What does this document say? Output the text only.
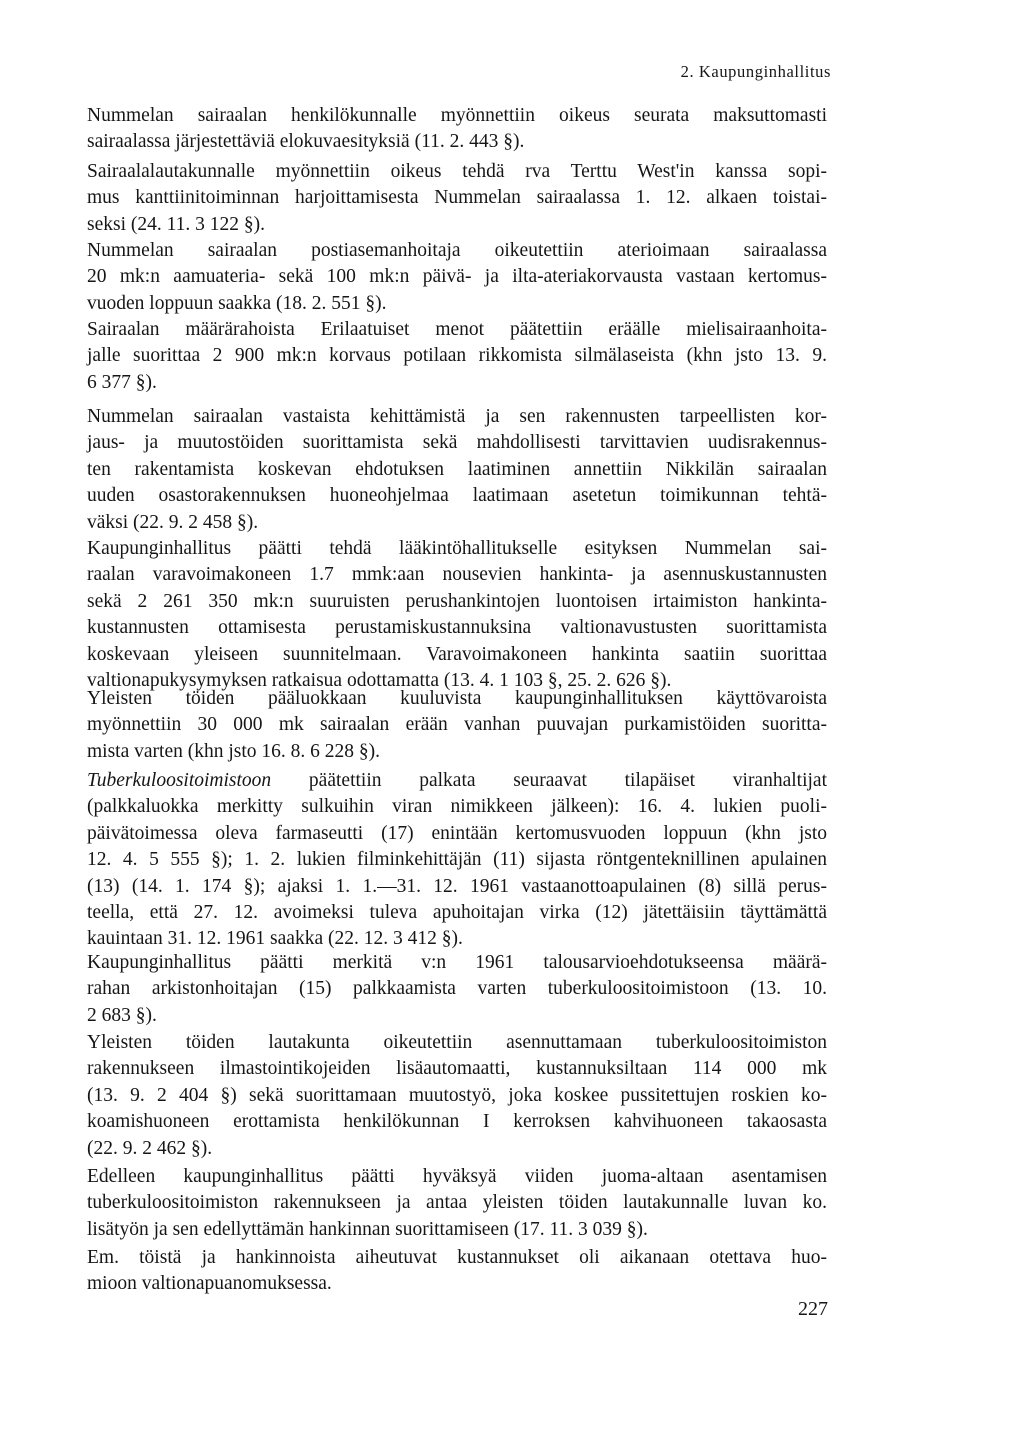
2. Kaupunginhallitus
Nummelan sairaalan henkilökunnalle myönnettiin oikeus seurata maksuttomasti
sairaalassa järjestettäviä elokuvaesityksiä (11. 2. 443 §).
Sairaalalautakunnalle myönnettiin oikeus tehdä rva Terttu West'in kanssa sopi-
mus kanttiinitoiminnan harjoittamisesta Nummelan sairaalassa 1. 12. alkaen toistai-
seksi (24. 11. 3 122 §).
Nummelan sairaalan postiasemanhoitaja oikeutettiin aterioimaan sairaalassa
20 mk:n aamuateria- sekä 100 mk:n päivä- ja ilta-ateriakorvausta vastaan kertomus-
vuoden loppuun saakka (18. 2. 551 §).
Sairaalan määrärahoista Erilaatuiset menot päätettiin eräälle mielisairaanhoita-
jalle suorittaa 2 900 mk:n korvaus potilaan rikkomista silmälaseista (khn jsto 13. 9.
6 377 §).
Nummelan sairaalan vastaista kehittämistä ja sen rakennusten tarpeellisten kor-
jaus- ja muutostöiden suorittamista sekä mahdollisesti tarvittavien uudisrakennus-
ten rakentamista koskevan ehdotuksen laatiminen annettiin Nikkilän sairaalan
uuden osastorakennuksen huoneohjelmaa laatimaan asetetun toimikunnan tehtä-
väksi (22. 9. 2 458 §).
Kaupunginhallitus päätti tehdä lääkintöhallitukselle esityksen Nummelan sai-
raalan varavoimakoneen 1.7 mmk:aan nousevien hankinta- ja asennuskustannusten
sekä 2 261 350 mk:n suuruisten perushankintojen luontoisen irtaimiston hankinta-
kustannusten ottamisesta perustamiskustannuksina valtionavustusten suorittamista
koskevaan yleiseen suunnitelmaan. Varavoimakoneen hankinta saatiin suorittaa
valtionapukysymyksen ratkaisua odottamatta (13. 4. 1 103 §, 25. 2. 626 §).
Yleisten töiden pääluokkaan kuuluvista kaupunginhallituksen käyttövaroista
myönnettiin 30 000 mk sairaalan erään vanhan puuvajan purkamistöiden suoritta-
mista varten (khn jsto 16. 8. 6 228 §).
Tuberkuloositoimistoon päätettiin palkata seuraavat tilapäiset viranhaltijat
(palkkaluokka merkitty sulkuihin viran nimikkeen jälkeen): 16. 4. lukien puoli-
päivätoimessa oleva farmaseutti (17) enintään kertomusvuoden loppuun (khn jsto
12. 4. 5 555 §); 1. 2. lukien filminkehittäjän (11) sijasta röntgenteknillinen apulainen
(13) (14. 1. 174 §); ajaksi 1. 1.—31. 12. 1961 vastaanottoapulainen (8) sillä perus-
teella, että 27. 12. avoimeksi tuleva apuhoitajan virka (12) jätettäisiin täyttämättä
kauintaan 31. 12. 1961 saakka (22. 12. 3 412 §).
Kaupunginhallitus päätti merkitä v:n 1961 talousarvioehdotukseensa määrä-
rahan arkistonhoitajan (15) palkkaamista varten tuberkuloositoimistoon (13. 10.
2 683 §).
Yleisten töiden lautakunta oikeutettiin asennuttamaan tuberkuloositoimiston
rakennukseen ilmastointikojeiden lisäautomaatti, kustannuksiltaan 114 000 mk
(13. 9. 2 404 §) sekä suorittamaan muutostyö, joka koskee pussitettujen roskien ko-
koamishuoneen erottamista henkilökunnan I kerroksen kahvihuoneen takaosasta
(22. 9. 2 462 §).
Edelleen kaupunginhallitus päätti hyväksyä viiden juoma-altaan asentamisen
tuberkuloositoimiston rakennukseen ja antaa yleisten töiden lautakunnalle luvan ko.
lisätyön ja sen edellyttämän hankinnan suorittamiseen (17. 11. 3 039 §).
Em. töistä ja hankinnoista aiheutuvat kustannukset oli aikanaan otettava huo-
mioon valtionapuanomuksessa.
227
